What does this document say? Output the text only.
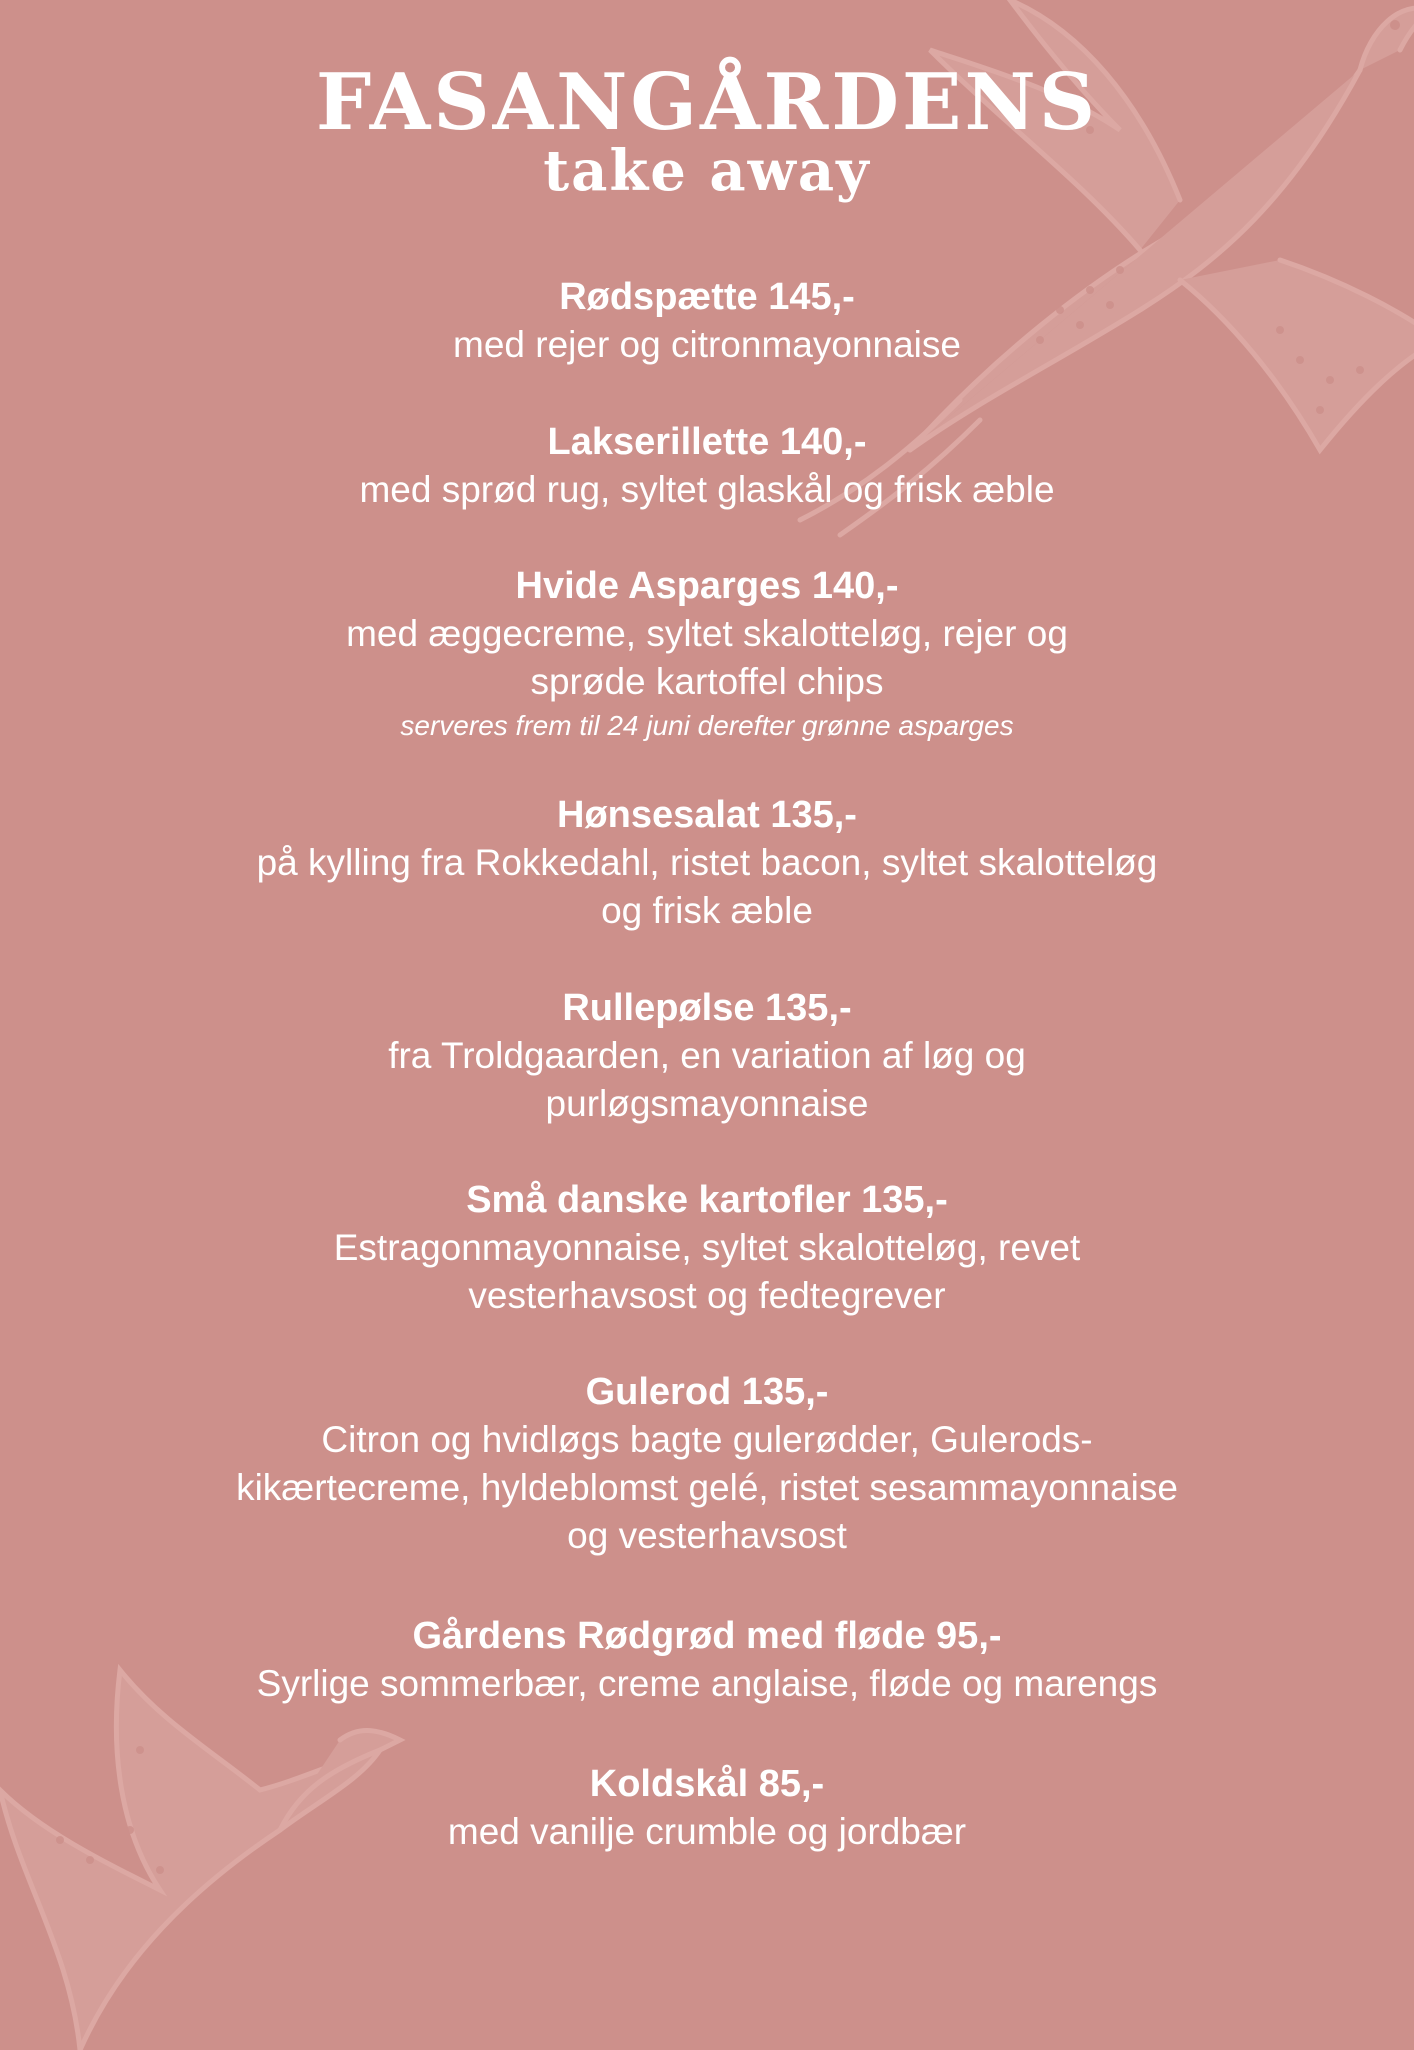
FASANGÅRDENS
take away
Rødspætte 145,-
med rejer og citronmayonnaise
Lakserillette 140,-
med sprød rug, syltet glaskål og frisk æble
Hvide Asparges 140,-
med æggecreme, syltet skalotteløg, rejer og
sprøde kartoffel chips
serveres frem til 24 juni derefter grønne asparges
Hønsesalat 135,-
på kylling fra Rokkedahl, ristet bacon, syltet skalotteløg
og frisk æble
Rullepølse 135,-
fra Troldgaarden, en variation af løg og
purløgsmayonnaise
Små danske kartofler 135,-
Estragonmayonnaise, syltet skalotteløg, revet
vesterhavsost og fedtegrever
Gulerod 135,-
Citron og hvidløgs bagte gulerødder, Gulerods-
kikærtecreme, hyldeblomst gelé, ristet sesammayonnaise
og vesterhavsost
Gårdens Rødgrød med fløde 95,-
Syrlige sommerbær, creme anglaise, fløde og marengs
Koldskål 85,-
med vanilje crumble og jordbær
